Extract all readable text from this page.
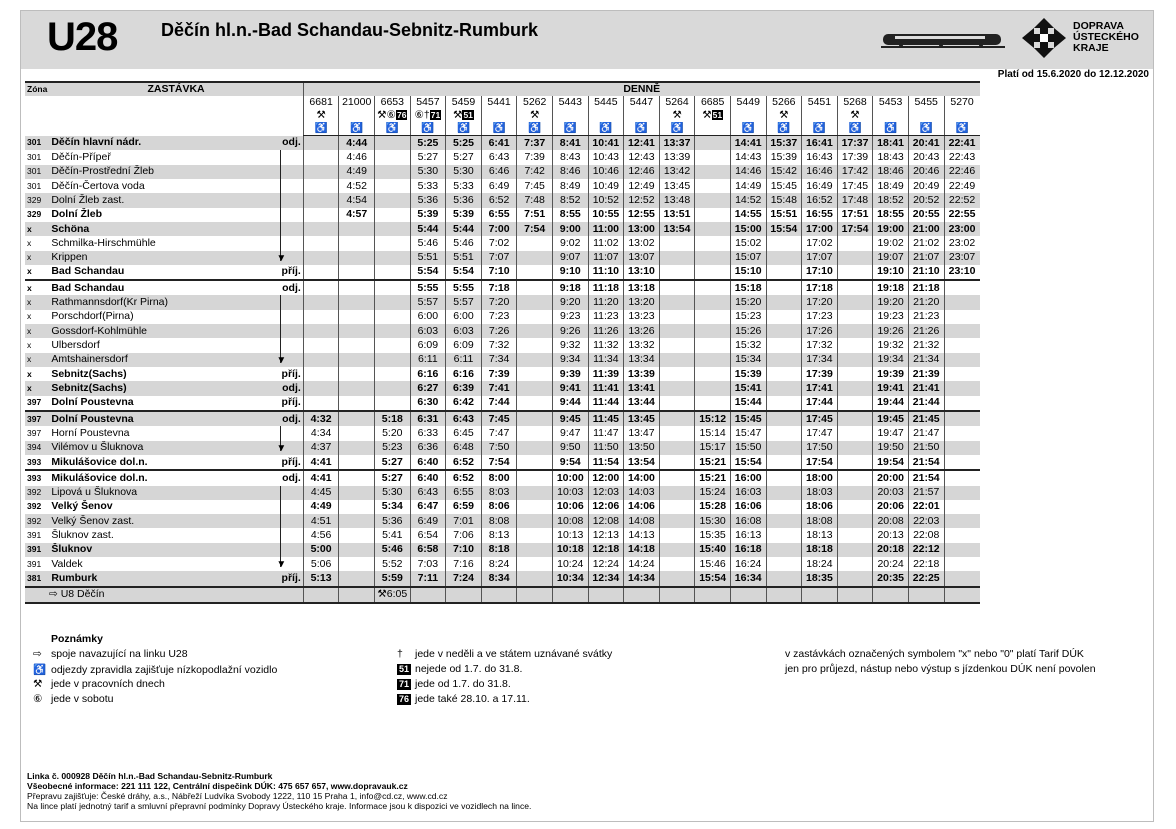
U28 Děčín hl.n.-Bad Schandau-Sebnitz-Rumburk	DOPRAVA
ÚSTECKÉHO
KRAJE
Platí od 15.6.2020 do 12.12.2020
Zóna	ZASTÁVKA		DENNĚ																		
			6681	21000	6653	5457	5459	5441	5262	5443	5445	5447	5264	6685	5449	5266	5451	5268	5453	5455	5270
			⚒		⚒⑥76	⑥†71	⚒51		⚒				⚒	⚒51		⚒		⚒			
			♿	♿	♿	♿	♿	♿	♿	♿	♿	♿	♿		♿	♿	♿	♿	♿	♿	♿
301	Děčín hlavní nádr.	odj.		4:44		5:25	5:25	6:41	7:37	8:41	10:41	12:41	13:37		14:41	15:37	16:41	17:37	18:41	20:41	22:41
301	Děčín-Přípeř			4:46		5:27	5:27	6:43	7:39	8:43	10:43	12:43	13:39		14:43	15:39	16:43	17:39	18:43	20:43	22:43
301	Děčín-Prostřední Žleb			4:49		5:30	5:30	6:46	7:42	8:46	10:46	12:46	13:42		14:46	15:42	16:46	17:42	18:46	20:46	22:46
301	Děčín-Čertova voda			4:52		5:33	5:33	6:49	7:45	8:49	10:49	12:49	13:45		14:49	15:45	16:49	17:45	18:49	20:49	22:49
329	Dolní Žleb zast.			4:54		5:36	5:36	6:52	7:48	8:52	10:52	12:52	13:48		14:52	15:48	16:52	17:48	18:52	20:52	22:52
329	Dolní Žleb			4:57		5:39	5:39	6:55	7:51	8:55	10:55	12:55	13:51		14:55	15:51	16:55	17:51	18:55	20:55	22:55
x	Schöna					5:44	5:44	7:00	7:54	9:00	11:00	13:00	13:54		15:00	15:54	17:00	17:54	19:00	21:00	23:00
x	Schmilka-Hirschmühle					5:46	5:46	7:02		9:02	11:02	13:02			15:02		17:02		19:02	21:02	23:02
x	Krippen	▼				5:51	5:51	7:07		9:07	11:07	13:07			15:07		17:07		19:07	21:07	23:07
x	Bad Schandau	příj.				5:54	5:54	7:10		9:10	11:10	13:10			15:10		17:10		19:10	21:10	23:10
x	Bad Schandau	odj.				5:55	5:55	7:18		9:18	11:18	13:18			15:18		17:18		19:18	21:18	
x	Rathmannsdorf(Kr Pirna)					5:57	5:57	7:20		9:20	11:20	13:20			15:20		17:20		19:20	21:20	
x	Porschdorf(Pirna)					6:00	6:00	7:23		9:23	11:23	13:23			15:23		17:23		19:23	21:23	
x	Gossdorf-Kohlmühle					6:03	6:03	7:26		9:26	11:26	13:26			15:26		17:26		19:26	21:26	
x	Ulbersdorf					6:09	6:09	7:32		9:32	11:32	13:32			15:32		17:32		19:32	21:32	
x	Amtshainersdorf	▼				6:11	6:11	7:34		9:34	11:34	13:34			15:34		17:34		19:34	21:34	
x	Sebnitz(Sachs)	příj.				6:16	6:16	7:39		9:39	11:39	13:39			15:39		17:39		19:39	21:39	
x	Sebnitz(Sachs)	odj.				6:27	6:39	7:41		9:41	11:41	13:41			15:41		17:41		19:41	21:41	
397	Dolní Poustevna	příj.				6:30	6:42	7:44		9:44	11:44	13:44			15:44		17:44		19:44	21:44	
397	Dolní Poustevna	odj.	4:32		5:18	6:31	6:43	7:45		9:45	11:45	13:45		15:12	15:45		17:45		19:45	21:45	
397	Horní Poustevna		4:34		5:20	6:33	6:45	7:47		9:47	11:47	13:47		15:14	15:47		17:47		19:47	21:47	
394	Vilémov u Šluknova	▼	4:37		5:23	6:36	6:48	7:50		9:50	11:50	13:50		15:17	15:50		17:50		19:50	21:50	
393	Mikulášovice dol.n.	příj.	4:41		5:27	6:40	6:52	7:54		9:54	11:54	13:54		15:21	15:54		17:54		19:54	21:54	
393	Mikulášovice dol.n.	odj.	4:41		5:27	6:40	6:52	8:00		10:00	12:00	14:00		15:21	16:00		18:00		20:00	21:54	
392	Lipová u Šluknova		4:45		5:30	6:43	6:55	8:03		10:03	12:03	14:03		15:24	16:03		18:03		20:03	21:57	
392	Velký Šenov		4:49		5:34	6:47	6:59	8:06		10:06	12:06	14:06		15:28	16:06		18:06		20:06	22:01	
392	Velký Šenov zast.		4:51		5:36	6:49	7:01	8:08		10:08	12:08	14:08		15:30	16:08		18:08		20:08	22:03	
391	Šluknov zast.		4:56		5:41	6:54	7:06	8:13		10:13	12:13	14:13		15:35	16:13		18:13		20:13	22:08	
391	Šluknov		5:00		5:46	6:58	7:10	8:18		10:18	12:18	14:18		15:40	16:18		18:18		20:18	22:12	
391	Valdek	▼	5:06		5:52	7:03	7:16	8:24		10:24	12:24	14:24		15:46	16:24		18:24		20:24	22:18	
381	Rumburk	příj.	5:13		5:59	7:11	7:24	8:34		10:34	12:34	14:34		15:54	16:34		18:35		20:35	22:25	
⇨ U8 Děčín					⚒6:05																
Poznámky
⇨ spoje navazující na linku U28
♿ odjezdy zpravidla zajišťuje nízkopodlažní vozidlo
⚒ jede v pracovních dnech
⑥ jede v sobotu
† jede v neděli a ve státem uznávané svátky
51 nejede od 1.7. do 31.8.
71 jede od 1.7. do 31.8.
76 jede také 28.10. a 17.11.
v zastávkách označených symbolem "x" nebo "0" platí Tarif DÚK
jen pro průjezd, nástup nebo výstup s jízdenkou DÚK není povolen
Linka č. 000928 Děčín hl.n.-Bad Schandau-Sebnitz-Rumburk
Všeobecné informace: 221 111 122, Centrální dispečink DÚK: 475 657 657, www.dopravauk.cz
Přepravu zajišťuje: České dráhy, a.s., Nábřeží Ludvíka Svobody 1222, 110 15 Praha 1, info@cd.cz, www.cd.cz
Na lince platí jednotný tarif a smluvní přepravní podmínky Dopravy Ústeckého kraje. Informace jsou k dispozici ve vozidlech na lince.
